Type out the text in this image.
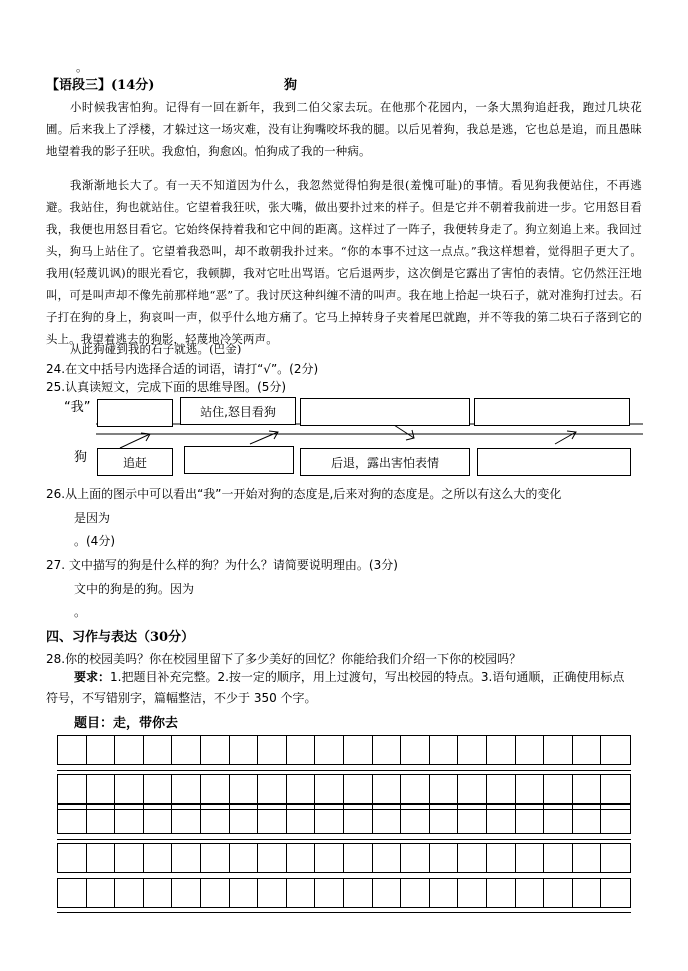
。
【语段三】(14分)	狗
小时候我害怕狗。记得有一回在新年，我到二伯父家去玩。在他那个花园内，一条大黑狗追赶我，跑过几块花圃。后来我上了浮楼，才躲过这一场灾难，没有让狗嘴咬坏我的腿。以后见着狗，我总是逃，它也总是追，而且愚昧地望着我的影子狂吠。我愈怕，狗愈凶。怕狗成了我的一种病。
我渐渐地长大了。有一天不知道因为什么，我忽然觉得怕狗是很(羞愧可耻)的事情。看见狗我便站住，不再逃避。我站住，狗也就站住。它望着我狂吠，张大嘴，做出要扑过来的样子。但是它并不朝着我前进一步。它用怒目看我，我便也用怒目看它。它始终保持着我和它中间的距离。这样过了一阵子，我便转身走了。狗立刻追上来。我回过头，狗马上站住了。它望着我恐叫，却不敢朝我扑过来。“你的本事不过这一点点。”我这样想着，觉得胆子更大了。我用(轻蔑讥讽)的眼光看它，我顿脚，我对它吐出骂语。它后退两步，这次倒是它露出了害怕的表情。它仍然汪汪地叫，可是叫声却不像先前那样地“恶”了。我讨厌这种纠缠不清的叫声。我在地上拾起一块石子，就对准狗打过去。石子打在狗的身上，狗哀叫一声，似乎什么地方痛了。它马上掉转身子夹着尾巴就跑，并不等我的第二块石子落到它的头上。我望着逃去的狗影，轻蔑地冷笑两声。
从此狗碰到我的石子就逃。(巴金)
24.在文中括号内选择合适的词语，请打“√”。(2分)
25.认真读短文，完成下面的思维导图。(5分)
“我”
狗
站住,怒目看狗
追赶	后退，露出害怕表情
26.从上面的图示中可以看出“我”一开始对狗的态度是,后来对狗的态度是。之所以有这么大的变化
是因为
。(4分)
27. 文中描写的狗是什么样的狗？为什么？请简要说明理由。(3分)
文中的狗是的狗。因为
。
四、习作与表达（30分）
28.你的校园美吗？你在校园里留下了多少美好的回忆？你能给我们介绍一下你的校园吗？
要求：1.把题目补充完整。2.按一定的顺序，用上过渡句，写出校园的特点。3.语句通顺，正确使用标点符号，不写错别字，篇幅整洁，不少于 350 个字。
题目：走，带你去
